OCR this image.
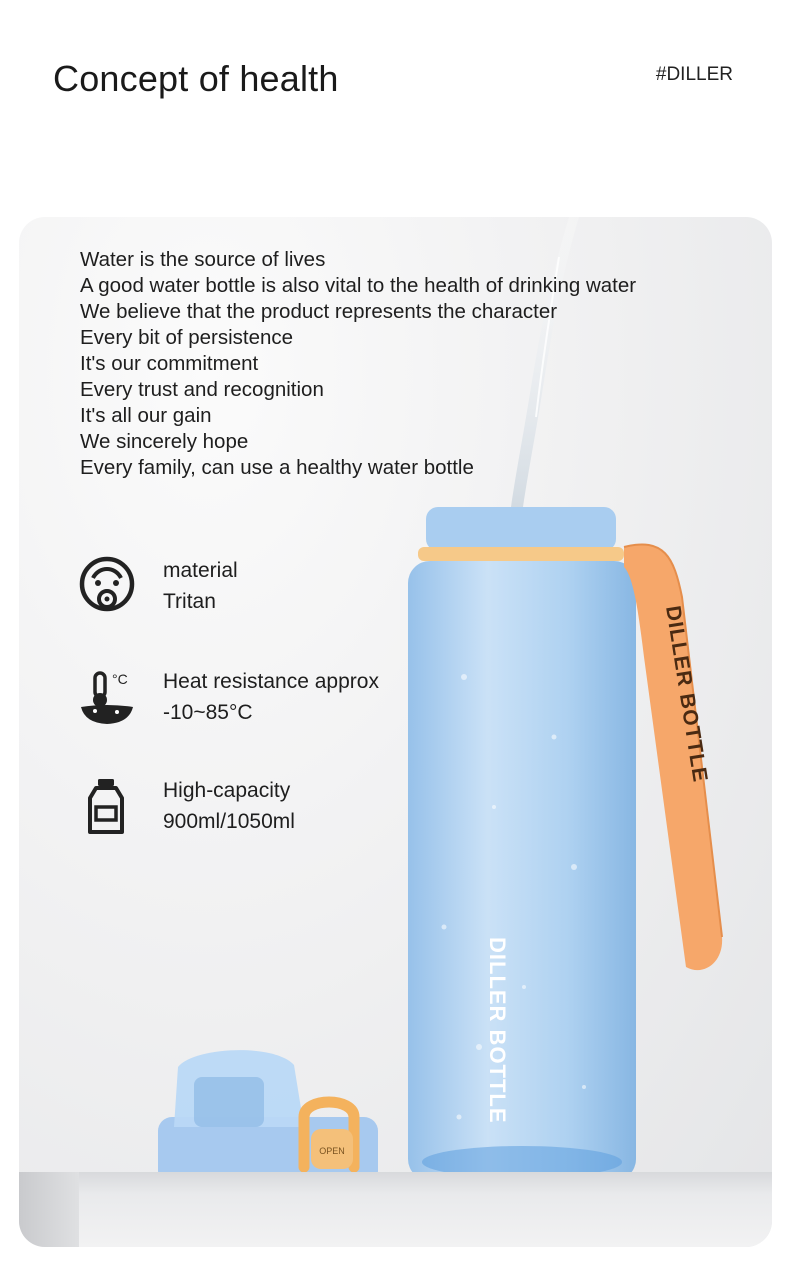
Concept of health	#DILLER
DILLER BOTTLE
DILLER BOTTLE
OPEN
Water is the source of lives
A good water bottle is also vital to the health of drinking water
We believe that the product represents the character
Every bit of persistence
It's our commitment
Every trust and recognition
It's all our gain
We sincerely hope
Every family, can use a healthy water bottle
material
Tritan
°C Heat resistance approx
-10~85°C
High-capacity
900ml/1050ml
